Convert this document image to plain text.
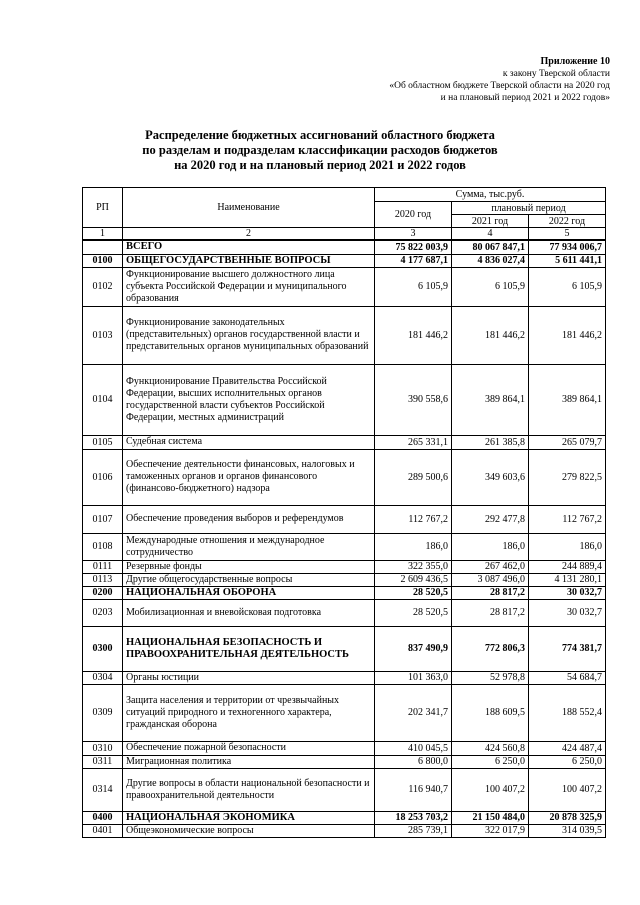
Приложение 10
к закону Тверской области
«Об областном бюджете Тверской области на 2020 год
и на плановый период 2021 и 2022 годов»
Распределение бюджетных ассигнований областного бюджета
по разделам и подразделам классификации расходов бюджетов
на 2020 год и на плановый период 2021 и 2022 годов
РП	Наименование	Сумма, тыс.руб.		
		2020 год	плановый период	
			2021 год	2022 год
1	2	3	4	5
	ВСЕГО	75 822 003,9	80 067 847,1	77 934 006,7
0100	ОБЩЕГОСУДАРСТВЕННЫЕ ВОПРОСЫ	4 177 687,1	4 836 027,4	5 611 441,1
0102	Функционирование высшего должностного лица субъекта Российской Федерации и муниципального образования	6 105,9	6 105,9	6 105,9
0103	Функционирование законодательных (представительных) органов государственной власти и представительных органов муниципальных образований	181 446,2	181 446,2	181 446,2
0104	Функционирование Правительства Российской Федерации, высших исполнительных органов государственной власти субъектов Российской Федерации, местных администраций	390 558,6	389 864,1	389 864,1
0105	Судебная система	265 331,1	261 385,8	265 079,7
0106	Обеспечение деятельности финансовых, налоговых и таможенных органов и органов финансового (финансово-бюджетного) надзора	289 500,6	349 603,6	279 822,5
0107	Обеспечение проведения выборов и референдумов	112 767,2	292 477,8	112 767,2
0108	Международные отношения и международное сотрудничество	186,0	186,0	186,0
0111	Резервные фонды	322 355,0	267 462,0	244 889,4
0113	Другие общегосударственные вопросы	2 609 436,5	3 087 496,0	4 131 280,1
0200	НАЦИОНАЛЬНАЯ ОБОРОНА	28 520,5	28 817,2	30 032,7
0203	Мобилизационная и вневойсковая подготовка	28 520,5	28 817,2	30 032,7
0300	НАЦИОНАЛЬНАЯ БЕЗОПАСНОСТЬ И ПРАВООХРАНИТЕЛЬНАЯ ДЕЯТЕЛЬНОСТЬ	837 490,9	772 806,3	774 381,7
0304	Органы юстиции	101 363,0	52 978,8	54 684,7
0309	Защита населения и территории от чрезвычайных ситуаций природного и техногенного характера, гражданская оборона	202 341,7	188 609,5	188 552,4
0310	Обеспечение пожарной безопасности	410 045,5	424 560,8	424 487,4
0311	Миграционная политика	6 800,0	6 250,0	6 250,0
0314	Другие вопросы в области национальной безопасности и правоохранительной деятельности	116 940,7	100 407,2	100 407,2
0400	НАЦИОНАЛЬНАЯ ЭКОНОМИКА	18 253 703,2	21 150 484,0	20 878 325,9
0401	Общеэкономические вопросы	285 739,1	322 017,9	314 039,5
